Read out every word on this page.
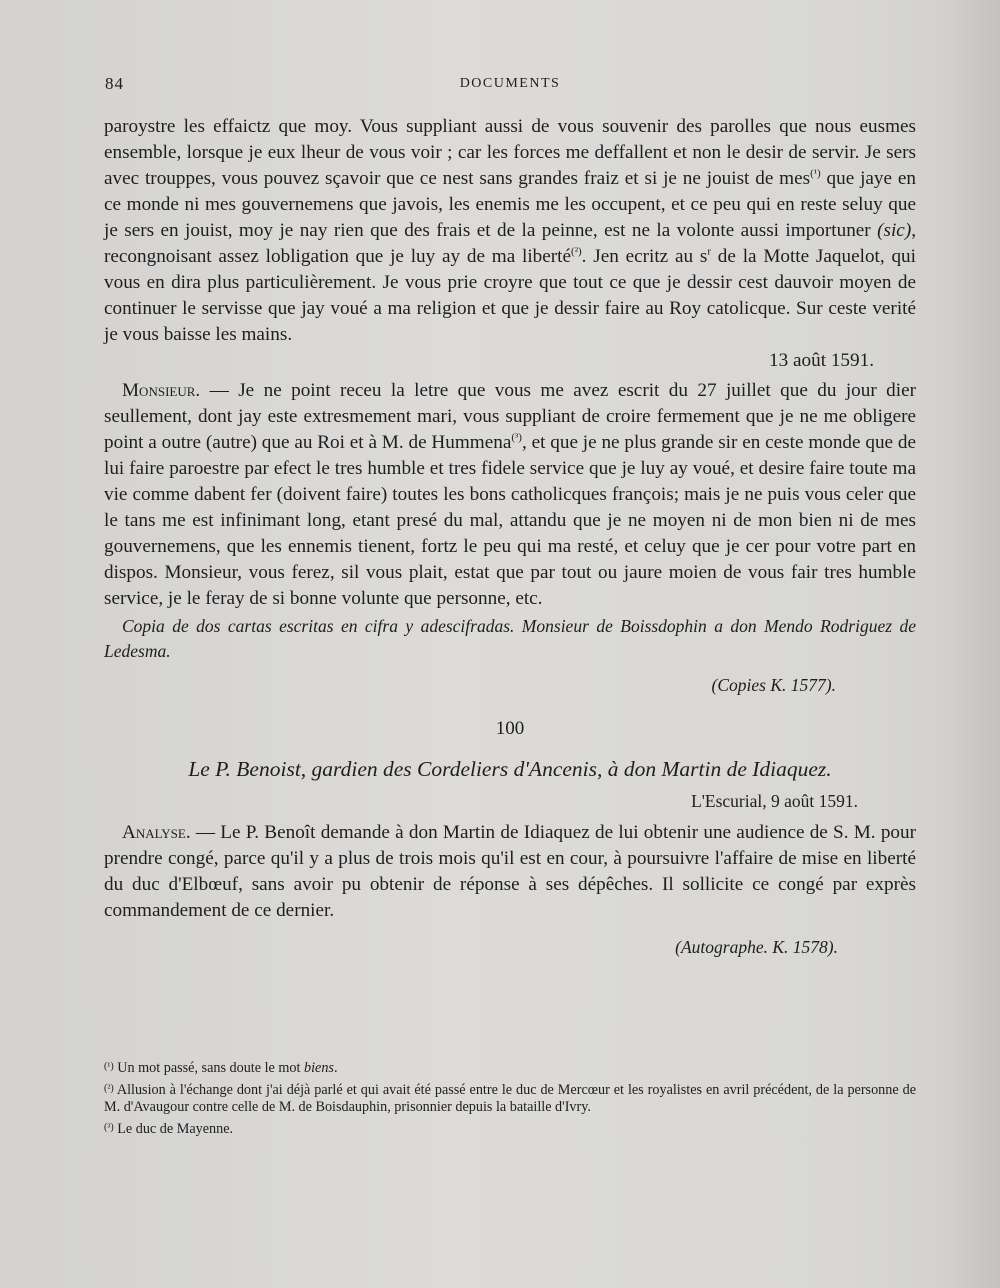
84	DOCUMENTS

paroystre les effaictz que moy. Vous suppliant aussi de vous souvenir des parolles que nous eusmes ensemble, lorsque je eux lheur de vous voir ; car les forces me deffallent et non le desir de servir. Je sers avec trouppes, vous pouvez sçavoir que ce nest sans grandes fraiz et si je ne jouist de mes$^{(^1)}$ que jaye en ce monde ni mes gouvernemens que javois, les enemis me les occupent, et ce peu qui en reste seluy que je sers en jouist, moy je nay rien que des frais et de la peinne, est ne la volonte aussi importuner (sic), recongnoisant assez lobligation que je luy ay de ma liberté$^{(^2)}$. Jen ecritz au $s^r$ de la Motte Jaquelot, qui vous en dira plus particulièrement. Je vous prie croyre que tout ce que je dessir cest dauvoir moyen de continuer le servisse que jay voué a ma religion et que je dessir faire au Roy catolicque. Sur ceste verité je vous baisse les mains.

13 août 1591.

Monsieur. — Je ne point receu la letre que vous me avez escrit du 27 juillet que du jour dier seullement, dont jay este extresmement mari, vous suppliant de croire fermement que je ne me obligere point a outre (autre) que au Roi et à M. de Hummena$^{(^3)}$, et que je ne plus grande sir en ceste monde que de lui faire paroestre par efect le tres humble et tres fidele service que je luy ay voué, et desire faire toute ma vie comme dabent fer (doivent faire) toutes les bons catholicques françois; mais je ne puis vous celer que le tans me est infinimant long, etant presé du mal, attandu que je ne moyen ni de mon bien ni de mes gouvernemens, que les ennemis tienent, fortz le peu qui ma resté, et celuy que je cer pour votre part en dispos. Monsieur, vous ferez, sil vous plait, estat que par tout ou jaure moien de vous fair tres humble service, je le feray de si bonne volunte que personne, etc.

Copia de dos cartas escritas en cifra y adescifradas. Monsieur de Boissdophin a don Mendo Rodriguez de Ledesma.

(Copies K. 1577).

100

Le P. Benoist, gardien des Cordeliers d'Ancenis, à don Martin de Idiaquez.

L'Escurial, 9 août 1591.

Analyse. — Le P. Benoît demande à don Martin de Idiaquez de lui obtenir une audience de S. M. pour prendre congé, parce qu'il y a plus de trois mois qu'il est en cour, à poursuivre l'affaire de mise en liberté du duc d'Elbœuf, sans avoir pu obtenir de réponse à ses dépêches. Il sollicite ce congé par exprès commandement de ce dernier.

(Autographe. K. 1578).

$^{(^1)}$ Un mot passé, sans doute le mot biens.

$^{(^2)}$ Allusion à l'échange dont j'ai déjà parlé et qui avait été passé entre le duc de Mercœur et les royalistes en avril précédent, de la personne de M. d'Avaugour contre celle de M. de Boisdauphin, prisonnier depuis la bataille d'Ivry.

$^{(^3)}$ Le duc de Mayenne.
